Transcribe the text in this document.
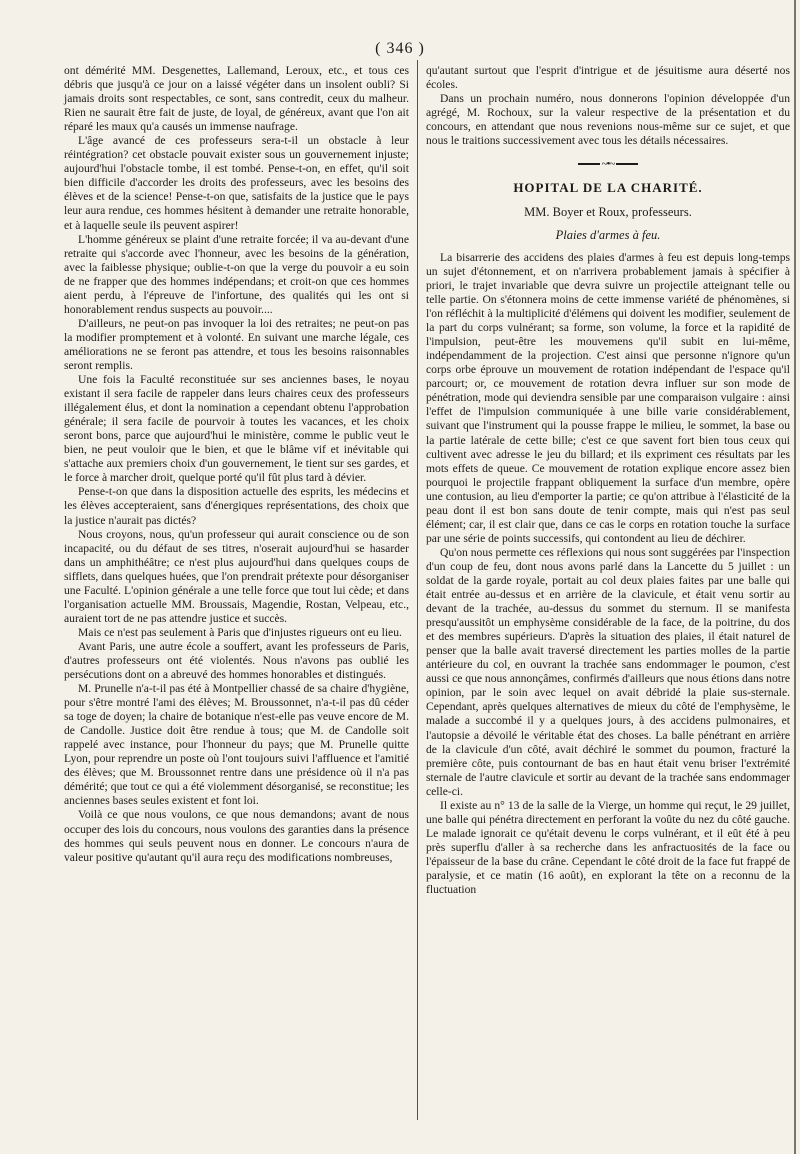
( 346 )

ont démérité MM. Desgenettes, Lallemand, Leroux, etc., et tous ces débris que jusqu'à ce jour on a laissé végéter dans un insolent oubli? Si jamais droits sont respectables, ce sont, sans contredit, ceux du malheur. Rien ne saurait être fait de juste, de loyal, de généreux, avant que l'on ait réparé les maux qu'a causés un immense naufrage.

L'âge avancé de ces professeurs sera-t-il un obstacle à leur réintégration? cet obstacle pouvait exister sous un gouvernement injuste; aujourd'hui l'obstacle tombe, il est tombé. Pense-t-on, en effet, qu'il soit bien difficile d'accorder les droits des professeurs, avec les besoins des élèves et de la science! Pense-t-on que, satisfaits de la justice que le pays leur aura rendue, ces hommes hésitent à demander une retraite honorable, et à laquelle seule ils peuvent aspirer!

L'homme généreux se plaint d'une retraite forcée; il va au-devant d'une retraite qui s'accorde avec l'honneur, avec les besoins de la génération, avec la faiblesse physique; oublie-t-on que la verge du pouvoir a eu soin de ne frapper que des hommes indépendans; et croit-on que ces hommes aient perdu, à l'épreuve de l'infortune, des qualités qui les ont si honorablement rendus suspects au pouvoir....

D'ailleurs, ne peut-on pas invoquer la loi des retraites; ne peut-on pas la modifier promptement et à volonté. En suivant une marche légale, ces améliorations ne se feront pas attendre, et tous les besoins raisonnables seront remplis.

Une fois la Faculté reconstituée sur ses anciennes bases, le noyau existant il sera facile de rappeler dans leurs chaires ceux des professeurs illégalement élus, et dont la nomination a cependant obtenu l'approbation générale; il sera facile de pourvoir à toutes les vacances, et les choix seront bons, parce que aujourd'hui le ministère, comme le public veut le bien, ne peut vouloir que le bien, et que le blâme vif et inévitable qui s'attache aux premiers choix d'un gouvernement, le tient sur ses gardes, et le force à marcher droit, quelque porté qu'il fût plus tard à dévier.

Pense-t-on que dans la disposition actuelle des esprits, les médecins et les élèves accepteraient, sans d'énergiques représentations, des choix que la justice n'aurait pas dictés?

Nous croyons, nous, qu'un professeur qui aurait conscience ou de son incapacité, ou du défaut de ses titres, n'oserait aujourd'hui se hasarder dans un amphithéâtre; ce n'est plus aujourd'hui dans quelques coups de sifflets, dans quelques huées, que l'on prendrait prétexte pour désorganiser une Faculté. L'opinion générale a une telle force que tout lui cède; et dans l'organisation actuelle MM. Broussais, Magendie, Rostan, Velpeau, etc., auraient tort de ne pas attendre justice et succès.

Mais ce n'est pas seulement à Paris que d'injustes rigueurs ont eu lieu.

Avant Paris, une autre école a souffert, avant les professeurs de Paris, d'autres professeurs ont été violentés. Nous n'avons pas oublié les persécutions dont on a abreuvé des hommes honorables et distingués.

M. Prunelle n'a-t-il pas été à Montpellier chassé de sa chaire d'hygiène, pour s'être montré l'ami des élèves; M. Broussonnet, n'a-t-il pas dû céder sa toge de doyen; la chaire de botanique n'est-elle pas veuve encore de M. de Candolle. Justice doit être rendue à tous; que M. de Candolle soit rappelé avec instance, pour l'honneur du pays; que M. Prunelle quitte Lyon, pour reprendre un poste où l'ont toujours suivi l'affluence et l'amitié des élèves; que M. Broussonnet rentre dans une présidence où il n'a pas démérité; que tout ce qui a été violemment désorganisé, se reconstitue; les anciennes bases seules existent et font loi.

Voilà ce que nous voulons, ce que nous demandons; avant de nous occuper des lois du concours, nous voulons des garanties dans la présence des hommes qui seuls peuvent nous en donner. Le concours n'aura de valeur positive qu'autant qu'il aura reçu des modifications nombreuses,

qu'autant surtout que l'esprit d'intrigue et de jésuitisme aura déserté nos écoles.

Dans un prochain numéro, nous donnerons l'opinion développée d'un agrégé, M. Rochoux, sur la valeur respective de la présentation et du concours, en attendant que nous revenions nous-même sur ce sujet, et que nous le traitions successivement avec tous les détails nécessaires.

~•~
HOPITAL DE LA CHARITÉ.
MM. Boyer et Roux, professeurs.
Plaies d'armes à feu.

La bisarrerie des accidens des plaies d'armes à feu est depuis long-temps un sujet d'étonnement, et on n'arrivera probablement jamais à spécifier à priori, le trajet invariable que devra suivre un projectile atteignant telle ou telle partie. On s'étonnera moins de cette immense variété de phénomènes, si l'on réfléchit à la multiplicité d'élémens qui doivent les modifier, seulement de la part du corps vulnérant; sa forme, son volume, la force et la rapidité de l'impulsion, peut-être les mouvemens qu'il subit en lui-même, indépendamment de la projection. C'est ainsi que personne n'ignore qu'un corps orbe éprouve un mouvement de rotation indépendant de l'espace qu'il parcourt; or, ce mouvement de rotation devra influer sur son mode de pénétration, mode qui deviendra sensible par une comparaison vulgaire : ainsi l'effet de l'impulsion communiquée à une bille varie considérablement, suivant que l'instrument qui la pousse frappe le milieu, le sommet, la base ou la partie latérale de cette bille; c'est ce que savent fort bien tous ceux qui cultivent avec adresse le jeu du billard; et ils expriment ces résultats par les mots effets de queue. Ce mouvement de rotation explique encore assez bien pourquoi le projectile frappant obliquement la surface d'un membre, opère une contusion, au lieu d'emporter la partie; ce qu'on attribue à l'élasticité de la peau dont il est bon sans doute de tenir compte, mais qui n'est pas seul élément; car, il est clair que, dans ce cas le corps en rotation touche la surface par une série de points successifs, qui contondent au lieu de déchirer.

Qu'on nous permette ces réflexions qui nous sont suggérées par l'inspection d'un coup de feu, dont nous avons parlé dans la Lancette du 5 juillet : un soldat de la garde royale, portait au col deux plaies faites par une balle qui était entrée au-dessus et en arrière de la clavicule, et était venu sortir au devant de la trachée, au-dessus du sommet du sternum. Il se manifesta presqu'aussitôt un emphysème considérable de la face, de la poitrine, du dos et des membres supérieurs. D'après la situation des plaies, il était naturel de penser que la balle avait traversé directement les parties molles de la partie antérieure du col, en ouvrant la trachée sans endommager le poumon, c'est aussi ce que nous annonçâmes, confirmés d'ailleurs que nous étions dans notre opinion, par le soin avec lequel on avait débridé la plaie sus-sternale. Cependant, après quelques alternatives de mieux du côté de l'emphysème, le malade a succombé il y a quelques jours, à des accidens pulmonaires, et l'autopsie a dévoilé le véritable état des choses. La balle pénétrant en arrière de la clavicule d'un côté, avait déchiré le sommet du poumon, fracturé la première côte, puis contournant de bas en haut était venu briser l'extrémité sternale de l'autre clavicule et sortir au devant de la trachée sans endommager celle-ci.

Il existe au n° 13 de la salle de la Vierge, un homme qui reçut, le 29 juillet, une balle qui pénétra directement en perforant la voûte du nez du côté gauche. Le malade ignorait ce qu'était devenu le corps vulnérant, et il eût été à peu près superflu d'aller à sa recherche dans les anfractuosités de la face ou l'épaisseur de la base du crâne. Cependant le côté droit de la face fut frappé de paralysie, et ce matin (16 août), en explorant la tête on a reconnu de la fluctuation
